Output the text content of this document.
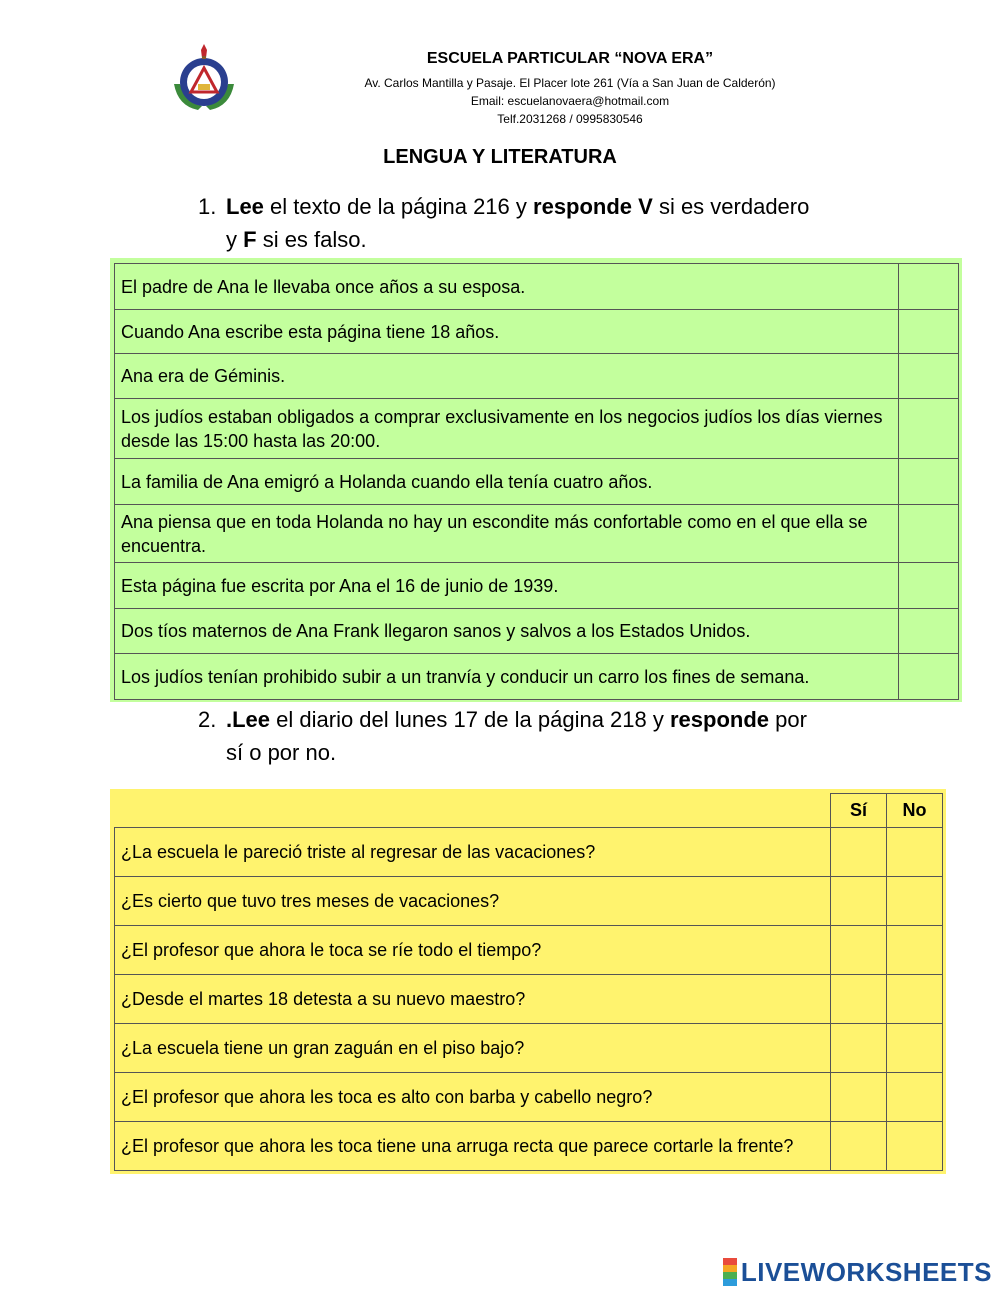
ESCUELA PARTICULAR “NOVA ERA”
Av. Carlos Mantilla y Pasaje. El Placer lote 261 (Vía a San Juan de Calderón)
Email: escuelanovaera@hotmail.com
Telf.2031268 / 0995830546
LENGUA Y LITERATURA
1. Lee el texto de la página 216 y responde V si es verdadero
y F si es falso.
El padre de Ana le llevaba once años a su esposa.	
Cuando Ana escribe esta página tiene 18 años.	
Ana era de Géminis.	
Los judíos estaban obligados a comprar exclusivamente en los negocios judíos los días viernes desde las 15:00 hasta las 20:00.	
La familia de Ana emigró a Holanda cuando ella tenía cuatro años.	
Ana piensa que en toda Holanda no hay un escondite más confortable como en el que ella se encuentra.	
Esta página fue escrita por Ana el 16 de junio de 1939.	
Dos tíos maternos de Ana Frank llegaron sanos y salvos a los Estados Unidos.	
Los judíos tenían prohibido subir a un tranvía y conducir un carro los fines de semana.	
2. .Lee el diario del lunes 17 de la página 218 y responde por
sí o por no.
	Sí	No
¿La escuela le pareció triste al regresar de las vacaciones?		
¿Es cierto que tuvo tres meses de vacaciones?		
¿El profesor que ahora le toca se ríe todo el tiempo?		
¿Desde el martes 18 detesta a su nuevo maestro?		
¿La escuela tiene un gran zaguán en el piso bajo?		
¿El profesor que ahora les toca es alto con barba y cabello negro?		
¿El profesor que ahora les toca tiene una arruga recta que parece cortarle la frente?		
LIVEWORKSHEETS
